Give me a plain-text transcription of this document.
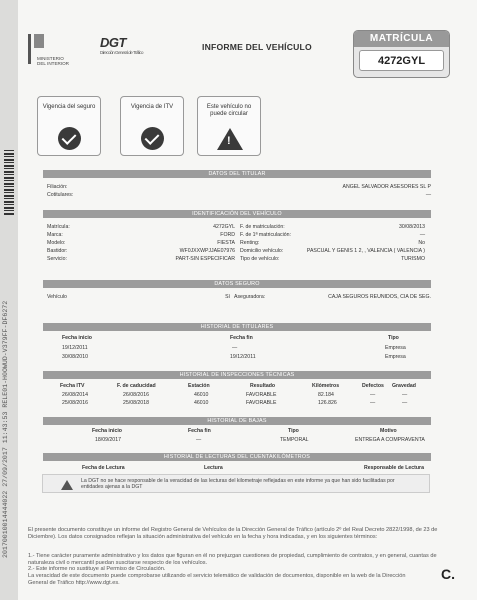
20170010014444022 27/09/2017 11:43:53 RELE01-H0OWUD-V379FF-DF6272
MINISTERIO DEL INTERIOR
DGT
Dirección General de Tráfico
INFORME DEL VEHÍCULO
MATRÍCULA
4272GYL
Vigencia del seguro	Vigencia de ITV	Este vehículo no puede circular
!
DATOS DEL TITULAR
Filiación:	ANGEL SALVADOR ASESORES SL P
Cotitulares:	—
IDENTIFICACIÓN DEL VEHÍCULO
Matrícula:	4272GYL
Marca:	FORD
Modelo:	FIESTA
Bastidor:	WF0JXXWPJJAE07976
Servicio:	PART-SIN ESPECIFICAR
F. de matriculación:	30/08/2013
F. de 1ª matriculación:	—
Renting:	No
Domicilio vehículo:	PASCUAL Y GENIS 1 2, , VALENCIA ( VALENCIA )
Tipo de vehículo:	TURISMO
DATOS SEGURO
Vehículo	Sí Aseguradora:	CAJA SEGUROS REUNIDOS, CIA DE SEG.
HISTORIAL DE TITULARES
Fecha inicio	Fecha fin	Tipo
19/12/2011	—	Empresa
30/08/2010	19/12/2011	Empresa
HISTORIAL DE INSPECCIONES TÉCNICAS
Fecha ITV	F. de caducidad	Estación	Resultado	Kilómetros	Defectos Gravedad
26/08/2014	26/08/2016	46010	FAVORABLE	82.184	—	—
25/08/2016	25/08/2018	46010	FAVORABLE	126.826	—	—
HISTORIAL DE BAJAS
Fecha inicio	Fecha fin	Tipo	Motivo
18/09/2017	—	TEMPORAL	ENTREGA A COMPRAVENTA
HISTORIAL DE LECTURAS DEL CUENTAKILÓMETROS
Fecha de Lectura	Lectura	Responsable de Lectura
La DGT no se hace responsable de la veracidad de las lecturas del kilometraje reflejadas en este informe ya que han sido facilitadas por entidades ajenas a la DGT
El presente documento constituye un informe del Registro General de Vehículos de la Dirección General de Tráfico (artículo 2º del Real Decreto 2822/1998, de 23 de Diciembre). Los datos consignados reflejan la situación administrativa del vehículo en la fecha y hora indicadas, y en los siguientes términos:
1.- Tiene carácter puramente administrativo y los datos que figuran en él no prejuzgan cuestiones de propiedad, cumplimiento de contratos, y en general, cuantas de naturaleza civil o mercantil puedan suscitarse respecto de los vehículos.
2.- Este informe no sustituye al Permiso de Circulación.
La veracidad de este documento puede comprobarse utilizando el servicio telemático de validación de documentos, disponible en la web de la Dirección General de Tráfico http://www.dgt.es.
C.
